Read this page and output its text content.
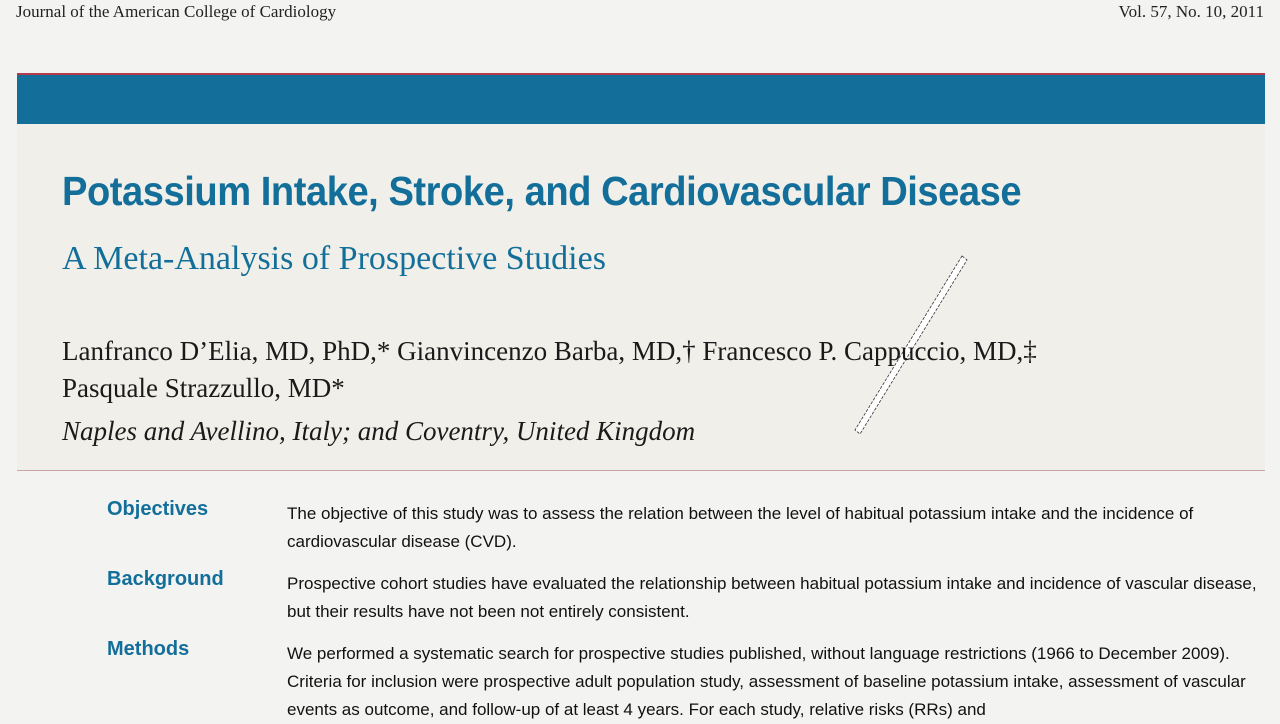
Journal of the American College of Cardiology	Vol. 57, No. 10, 2011
Potassium Intake, Stroke, and Cardiovascular Disease
A Meta-Analysis of Prospective Studies
Lanfranco D’Elia, MD, PhD,* Gianvincenzo Barba, MD,† Francesco P. Cappuccio, MD,‡
Pasquale Strazzullo, MD*
Naples and Avellino, Italy; and Coventry, United Kingdom
Objectives	The objective of this study was to assess the relation between the level of habitual potassium intake and the incidence of cardiovascular disease (CVD).
Background	Prospective cohort studies have evaluated the relationship between habitual potassium intake and incidence of vascular disease, but their results have not been not entirely consistent.
Methods	We performed a systematic search for prospective studies published, without language restrictions (1966 to December 2009). Criteria for inclusion were prospective adult population study, assessment of baseline potassium intake, assessment of vascular events as outcome, and follow-up of at least 4 years. For each study, relative risks (RRs) and
